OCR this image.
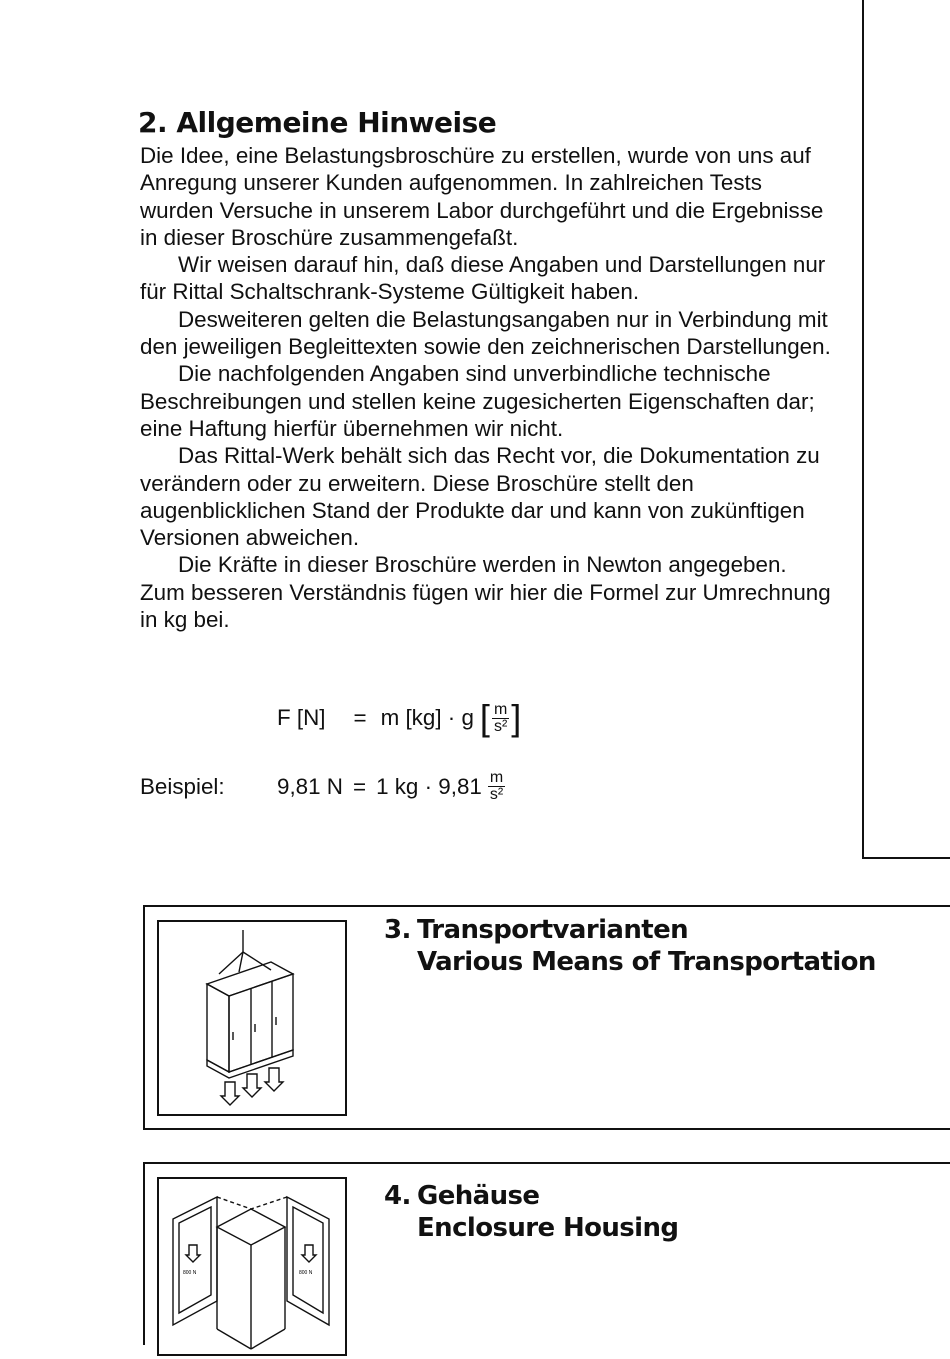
2. Allgemeine Hinweise

Die Idee, eine Belastungsbroschüre zu erstellen, wurde von uns auf Anregung unserer Kunden aufgenommen. In zahlreichen Tests wurden Versuche in unserem Labor durchgeführt und die Ergebnisse in dieser Broschüre zusammengefaßt.

Wir weisen darauf hin, daß diese Angaben und Darstellungen nur für Rittal Schaltschrank-Systeme Gültigkeit haben.

Desweiteren gelten die Belastungsangaben nur in Verbindung mit den jeweiligen Begleittexten sowie den zeichnerischen Darstellungen.

Die nachfolgenden Angaben sind unverbindliche technische Beschreibungen und stellen keine zugesicherten Eigenschaften dar; eine Haftung hierfür übernehmen wir nicht.

Das Rittal-Werk behält sich das Recht vor, die Dokumentation zu verändern oder zu erweitern. Diese Broschüre stellt den augenblicklichen Stand der Produkte dar und kann von zukünftigen Versionen abweichen.

Die Kräfte in dieser Broschüre werden in Newton angegeben. Zum besseren Verständnis fügen wir hier die Formel zur Umrechnung in kg bei.

F [N] = m [kg] · g [ $\frac{m}{\text{s²}}$ ]
Beispiel:	9,81 N = 1 kg · $9,81 \frac{m}{\text{s²}}$
3. Transportvarianten
Various Means of Transportation
800 N	800 N
4. Gehäuse
Enclosure Housing
